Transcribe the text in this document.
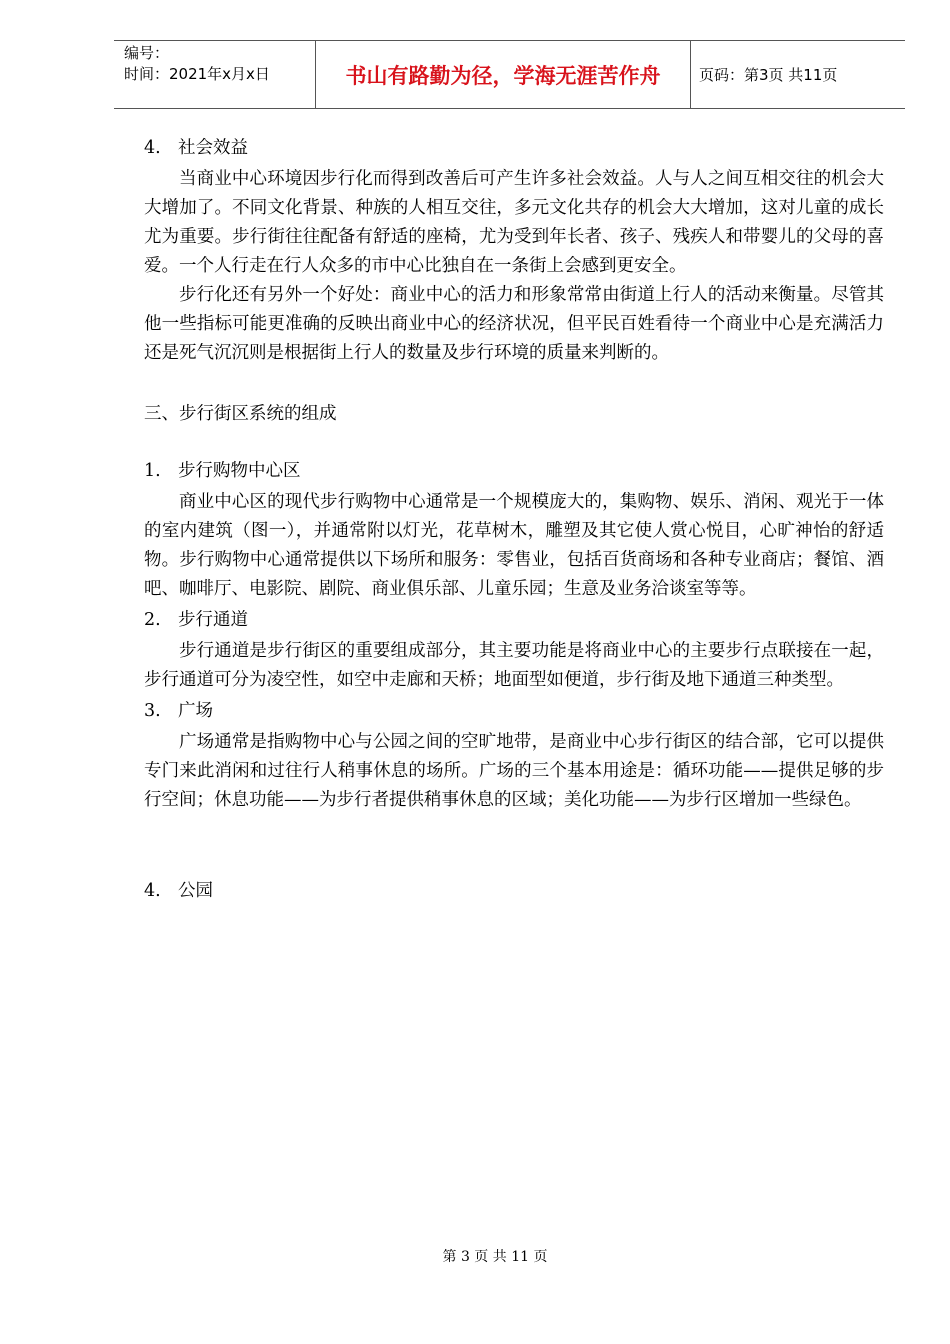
编号：
时间：2021年x月x日	书山有路勤为径，学海无涯苦作舟	页码：第3页 共11页
4. 社会效益

当商业中心环境因步行化而得到改善后可产生许多社会效益。人与人之间互相交往的机会大大增加了。不同文化背景、种族的人相互交往，多元文化共存的机会大大增加，这对儿童的成长尤为重要。步行街往往配备有舒适的座椅，尤为受到年长者、孩子、残疾人和带婴儿的父母的喜爱。一个人行走在行人众多的市中心比独自在一条街上会感到更安全。

步行化还有另外一个好处：商业中心的活力和形象常常由街道上行人的活动来衡量。尽管其他一些指标可能更准确的反映出商业中心的经济状况，但平民百姓看待一个商业中心是充满活力还是死气沉沉则是根据街上行人的数量及步行环境的质量来判断的。

三、步行街区系统的组成
1. 步行购物中心区

商业中心区的现代步行购物中心通常是一个规模庞大的，集购物、娱乐、消闲、观光于一体的室内建筑（图一），并通常附以灯光，花草树木，雕塑及其它使人赏心悦目，心旷神怡的舒适物。步行购物中心通常提供以下场所和服务：零售业，包括百货商场和各种专业商店；餐馆、酒吧、咖啡厅、电影院、剧院、商业俱乐部、儿童乐园；生意及业务洽谈室等等。

2. 步行通道

步行通道是步行街区的重要组成部分，其主要功能是将商业中心的主要步行点联接在一起，步行通道可分为凌空性，如空中走廊和天桥；地面型如便道，步行街及地下通道三种类型。

3. 广场

广场通常是指购物中心与公园之间的空旷地带，是商业中心步行街区的结合部，它可以提供专门来此消闲和过往行人稍事休息的场所。广场的三个基本用途是：循环功能——提供足够的步行空间；休息功能——为步行者提供稍事休息的区域；美化功能——为步行区增加一些绿色。

4. 公园
第 3 页 共 11 页
